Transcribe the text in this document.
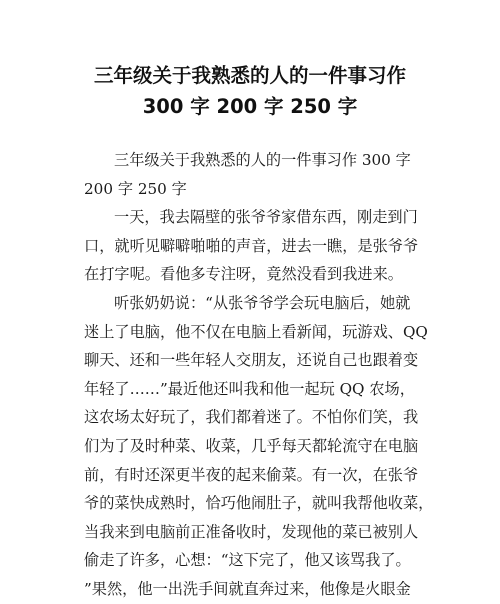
三年级关于我熟悉的人的一件事习作
300 字 200 字 250 字
三年级关于我熟悉的人的一件事习作 300 字
200 字 250 字
一天，我去隔壁的张爷爷家借东西，刚走到门
口，就听见噼噼啪啪的声音，进去一瞧，是张爷爷
在打字呢。看他多专注呀，竟然没看到我进来。
听张奶奶说：“从张爷爷学会玩电脑后，她就
迷上了电脑，他不仅在电脑上看新闻，玩游戏、QQ
聊天、还和一些年轻人交朋友，还说自己也跟着变
年轻了……”最近他还叫我和他一起玩 QQ 农场，
这农场太好玩了，我们都着迷了。不怕你们笑，我
们为了及时种菜、收菜，几乎每天都轮流守在电脑
前，有时还深更半夜的起来偷菜。有一次，在张爷
爷的菜快成熟时，恰巧他闹肚子，就叫我帮他收菜，
当我来到电脑前正准备收时，发现他的菜已被别人
偷走了许多，心想：“这下完了，他又该骂我了。
”果然，他一出洗手间就直奔过来，他像是火眼金
